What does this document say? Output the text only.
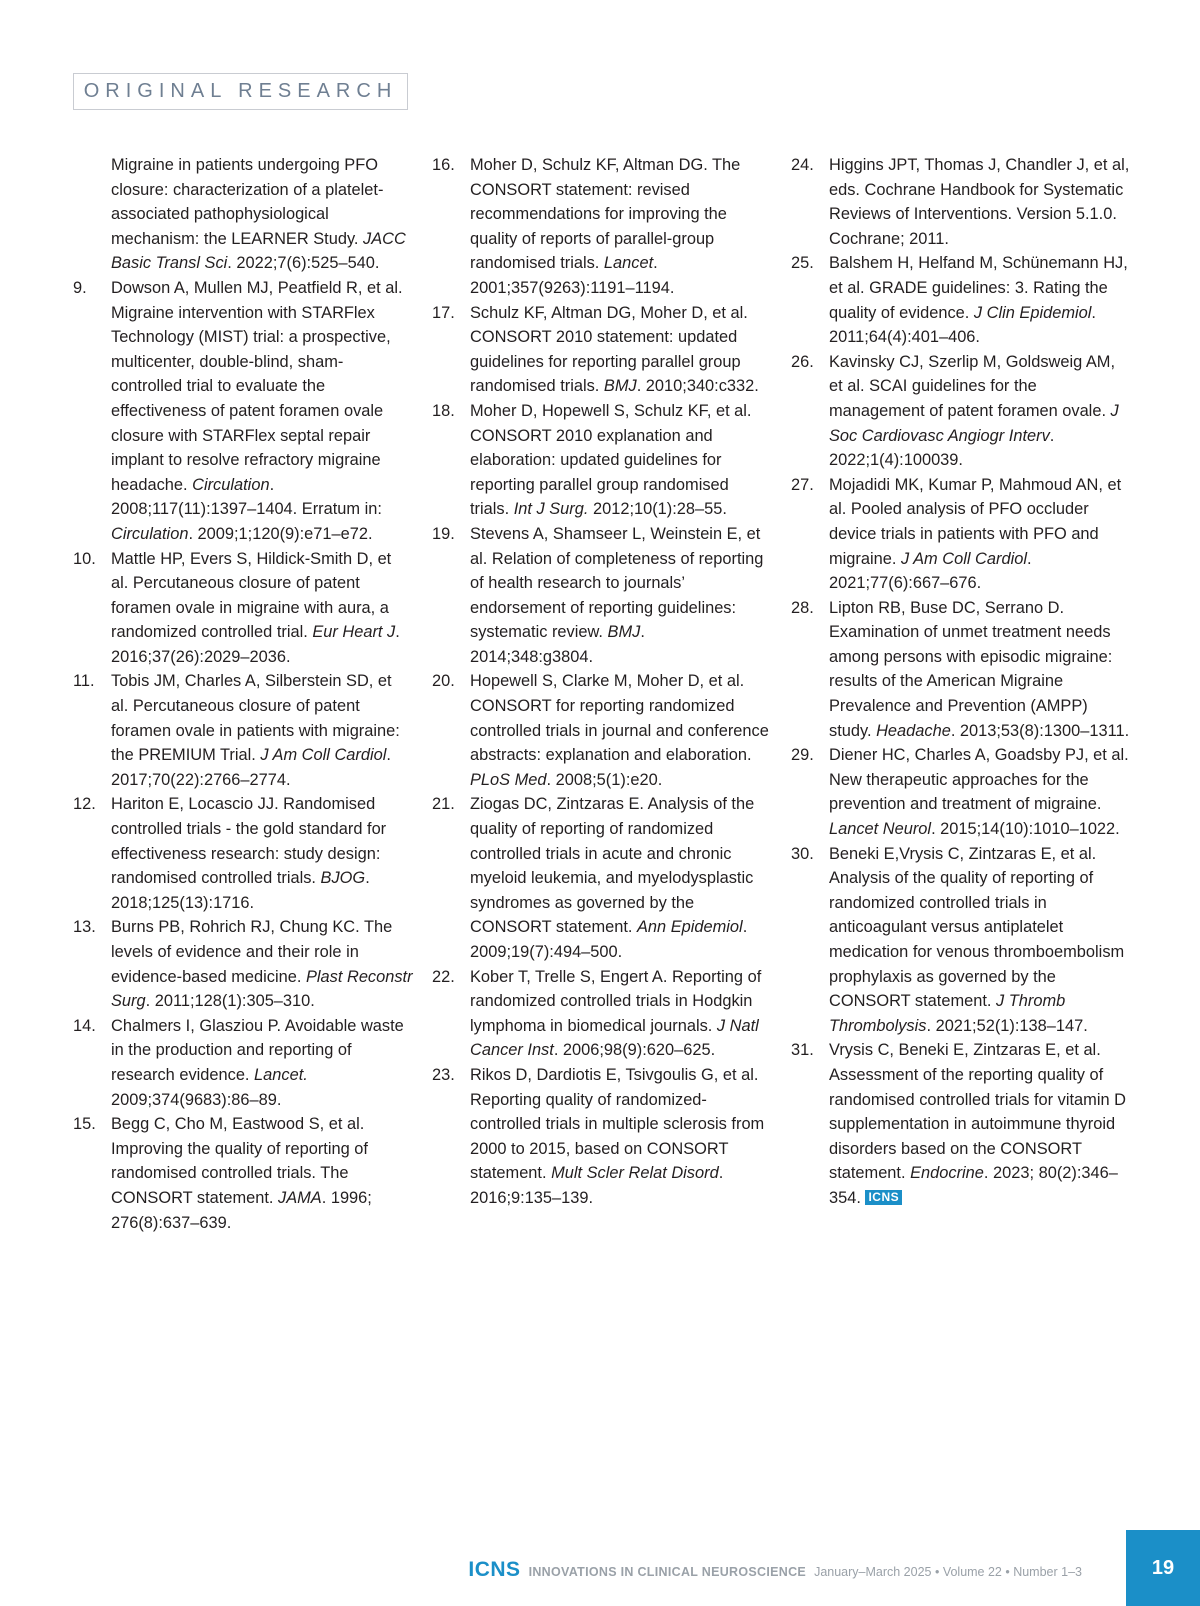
ORIGINAL RESEARCH

Migraine in patients undergoing PFO closure: characterization of a platelet-associated pathophysiological mechanism: the LEARNER Study. JACC Basic Transl Sci. 2022;7(6):525–540.

9. Dowson A, Mullen MJ, Peatfield R, et al. Migraine intervention with STARFlex Technology (MIST) trial: a prospective, multicenter, double-blind, sham-controlled trial to evaluate the effectiveness of patent foramen ovale closure with STARFlex septal repair implant to resolve refractory migraine headache. Circulation. 2008;117(11):1397–1404. Erratum in: Circulation. 2009;1;120(9):e71–e72.

10. Mattle HP, Evers S, Hildick-Smith D, et al. Percutaneous closure of patent foramen ovale in migraine with aura, a randomized controlled trial. Eur Heart J. 2016;37(26):2029–2036.

11. Tobis JM, Charles A, Silberstein SD, et al. Percutaneous closure of patent foramen ovale in patients with migraine: the PREMIUM Trial. J Am Coll Cardiol. 2017;70(22):2766–2774.

12. Hariton E, Locascio JJ. Randomised controlled trials - the gold standard for effectiveness research: study design: randomised controlled trials. BJOG. 2018;125(13):1716.

13. Burns PB, Rohrich RJ, Chung KC. The levels of evidence and their role in evidence-based medicine. Plast Reconstr Surg. 2011;128(1):305–310.

14. Chalmers I, Glasziou P. Avoidable waste in the production and reporting of research evidence. Lancet. 2009;374(9683):86–89.

15. Begg C, Cho M, Eastwood S, et al. Improving the quality of reporting of randomised controlled trials. The CONSORT statement. JAMA. 1996; 276(8):637–639.

16. Moher D, Schulz KF, Altman DG. The CONSORT statement: revised recommendations for improving the quality of reports of parallel-group randomised trials. Lancet. 2001;357(9263):1191–1194.

17. Schulz KF, Altman DG, Moher D, et al. CONSORT 2010 statement: updated guidelines for reporting parallel group randomised trials. BMJ. 2010;340:c332.

18. Moher D, Hopewell S, Schulz KF, et al. CONSORT 2010 explanation and elaboration: updated guidelines for reporting parallel group randomised trials. Int J Surg. 2012;10(1):28–55.

19. Stevens A, Shamseer L, Weinstein E, et al. Relation of completeness of reporting of health research to journals’ endorsement of reporting guidelines: systematic review. BMJ. 2014;348:g3804.

20. Hopewell S, Clarke M, Moher D, et al. CONSORT for reporting randomized controlled trials in journal and conference abstracts: explanation and elaboration. PLoS Med. 2008;5(1):e20.

21. Ziogas DC, Zintzaras E. Analysis of the quality of reporting of randomized controlled trials in acute and chronic myeloid leukemia, and myelodysplastic syndromes as governed by the CONSORT statement. Ann Epidemiol. 2009;19(7):494–500.

22. Kober T, Trelle S, Engert A. Reporting of randomized controlled trials in Hodgkin lymphoma in biomedical journals. J Natl Cancer Inst. 2006;98(9):620–625.

23. Rikos D, Dardiotis E, Tsivgoulis G, et al. Reporting quality of randomized-controlled trials in multiple sclerosis from 2000 to 2015, based on CONSORT statement. Mult Scler Relat Disord. 2016;9:135–139.

24. Higgins JPT, Thomas J, Chandler J, et al, eds. Cochrane Handbook for Systematic Reviews of Interventions. Version 5.1.0. Cochrane; 2011.

25. Balshem H, Helfand M, Schünemann HJ, et al. GRADE guidelines: 3. Rating the quality of evidence. J Clin Epidemiol. 2011;64(4):401–406.

26. Kavinsky CJ, Szerlip M, Goldsweig AM, et al. SCAI guidelines for the management of patent foramen ovale. J Soc Cardiovasc Angiogr Interv. 2022;1(4):100039.

27. Mojadidi MK, Kumar P, Mahmoud AN, et al. Pooled analysis of PFO occluder device trials in patients with PFO and migraine. J Am Coll Cardiol. 2021;77(6):667–676.

28. Lipton RB, Buse DC, Serrano D. Examination of unmet treatment needs among persons with episodic migraine: results of the American Migraine Prevalence and Prevention (AMPP) study. Headache. 2013;53(8):1300–1311.

29. Diener HC, Charles A, Goadsby PJ, et al. New therapeutic approaches for the prevention and treatment of migraine. Lancet Neurol. 2015;14(10):1010–1022.

30. Beneki E,Vrysis C, Zintzaras E, et al. Analysis of the quality of reporting of randomized controlled trials in anticoagulant versus antiplatelet medication for venous thromboembolism prophylaxis as governed by the CONSORT statement. J Thromb Thrombolysis. 2021;52(1):138–147.

31. Vrysis C, Beneki E, Zintzaras E, et al. Assessment of the reporting quality of randomised controlled trials for vitamin D supplementation in autoimmune thyroid disorders based on the CONSORT statement. Endocrine. 2023; 80(2):346–354. ICNS

ICNS INNOVATIONS IN CLINICAL NEUROSCIENCE January–March 2025 • Volume 22 • Number 1–3	19
